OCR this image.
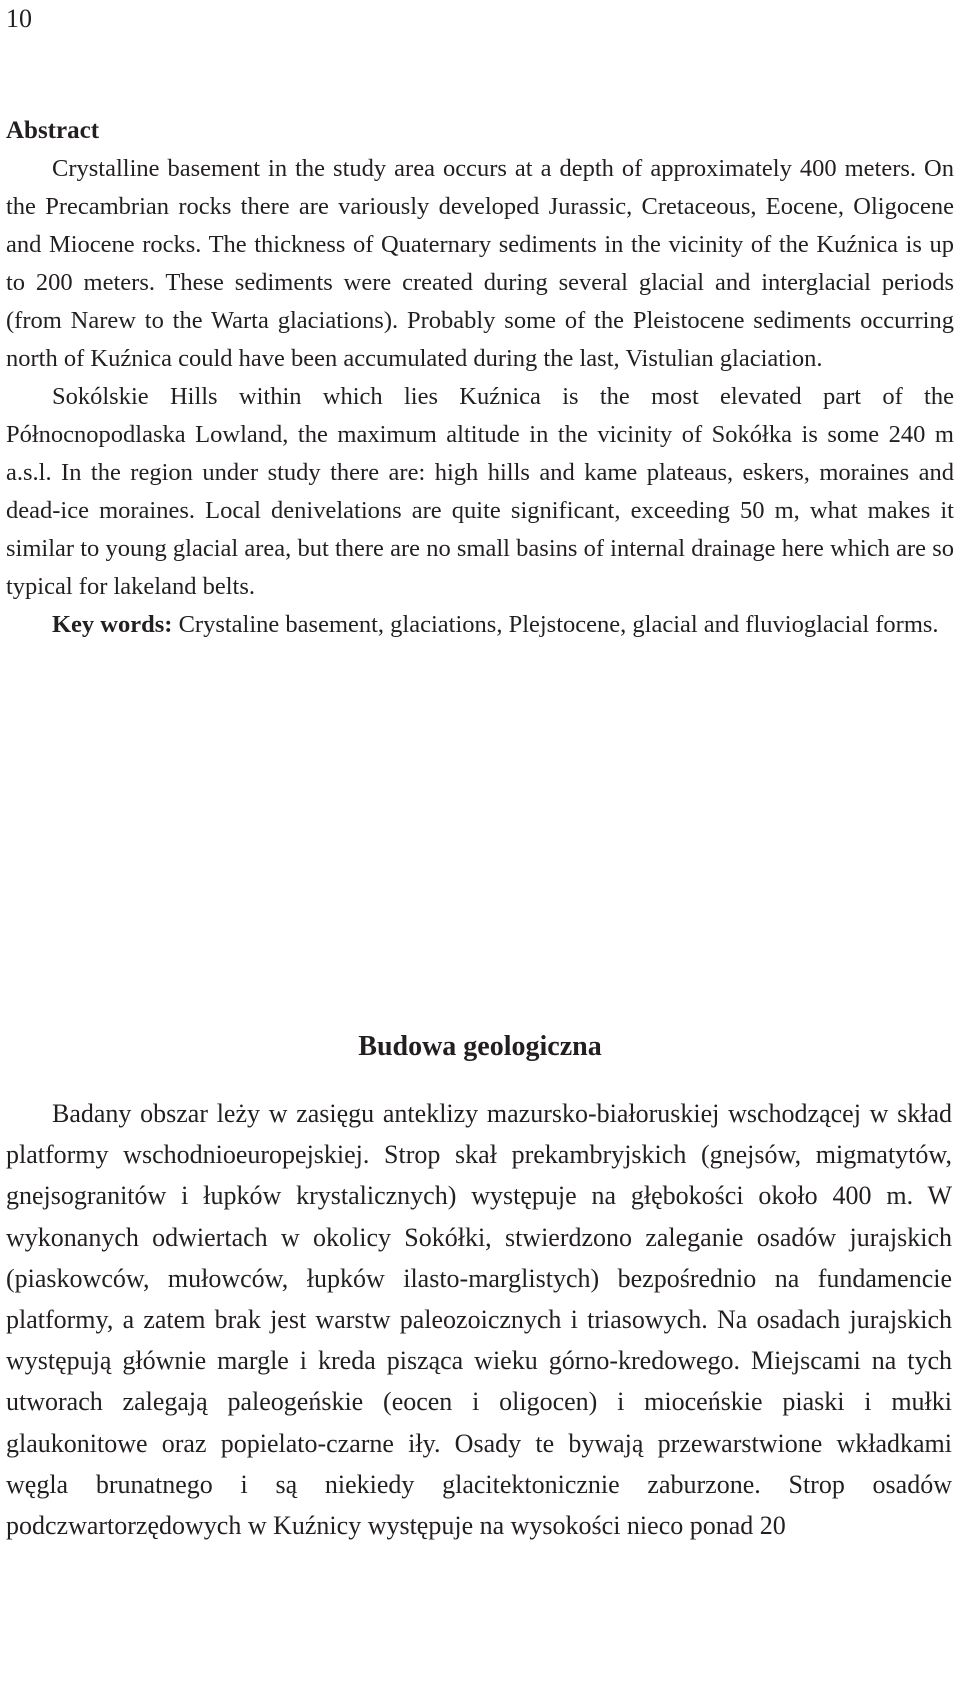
10
Abstract

Crystalline basement in the study area occurs at a depth of approximately 400 meters. On the Precambrian rocks there are variously developed Jurassic, Cretaceous, Eocene, Oligocene and Miocene rocks. The thickness of Quaternary sediments in the vicinity of the Kuźnica is up to 200 meters. These sediments were created during several glacial and interglacial periods (from Narew to the Warta glaciations). Probably some of the Pleistocene sediments occurring north of Kuźnica could have been accumulated during the last, Vistulian glaciation.

Sokólskie Hills within which lies Kuźnica is the most elevated part of the Północnopodlaska Lowland, the maximum altitude in the vicinity of Sokółka is some 240 m a.s.l. In the region under study there are: high hills and kame plateaus, eskers, moraines and dead-ice moraines. Local denivelations are quite significant, exceeding 50 m, what makes it similar to young glacial area, but there are no small basins of internal drainage here which are so typical for lakeland belts.

Key words: Crystaline basement, glaciations, Plejstocene, glacial and fluvioglacial forms.

Budowa geologiczna

Badany obszar leży w zasięgu anteklizy mazursko-białoruskiej wschodzącej w skład platformy wschodnioeuropejskiej. Strop skał prekambryjskich (gnejsów, migmatytów, gnejsogranitów i łupków krystalicznych) występuje na głębokości około 400 m. W wykonanych odwiertach w okolicy Sokółki, stwierdzono zaleganie osadów jurajskich (piaskowców, mułowców, łupków ilasto-marglistych) bezpośrednio na fundamencie platformy, a zatem brak jest warstw paleozoicznych i triasowych. Na osadach jurajskich występują głównie margle i kreda pisząca wieku górno-kredowego. Miejscami na tych utworach zalegają paleogeńskie (eocen i oligocen) i mioceńskie piaski i mułki glaukonitowe oraz popielato-czarne iły. Osady te bywają przewarstwione wkładkami węgla brunatnego i są niekiedy glacitektonicznie zaburzone. Strop osadów podczwartorzędowych w Kuźnicy występuje na wysokości nieco ponad 20
